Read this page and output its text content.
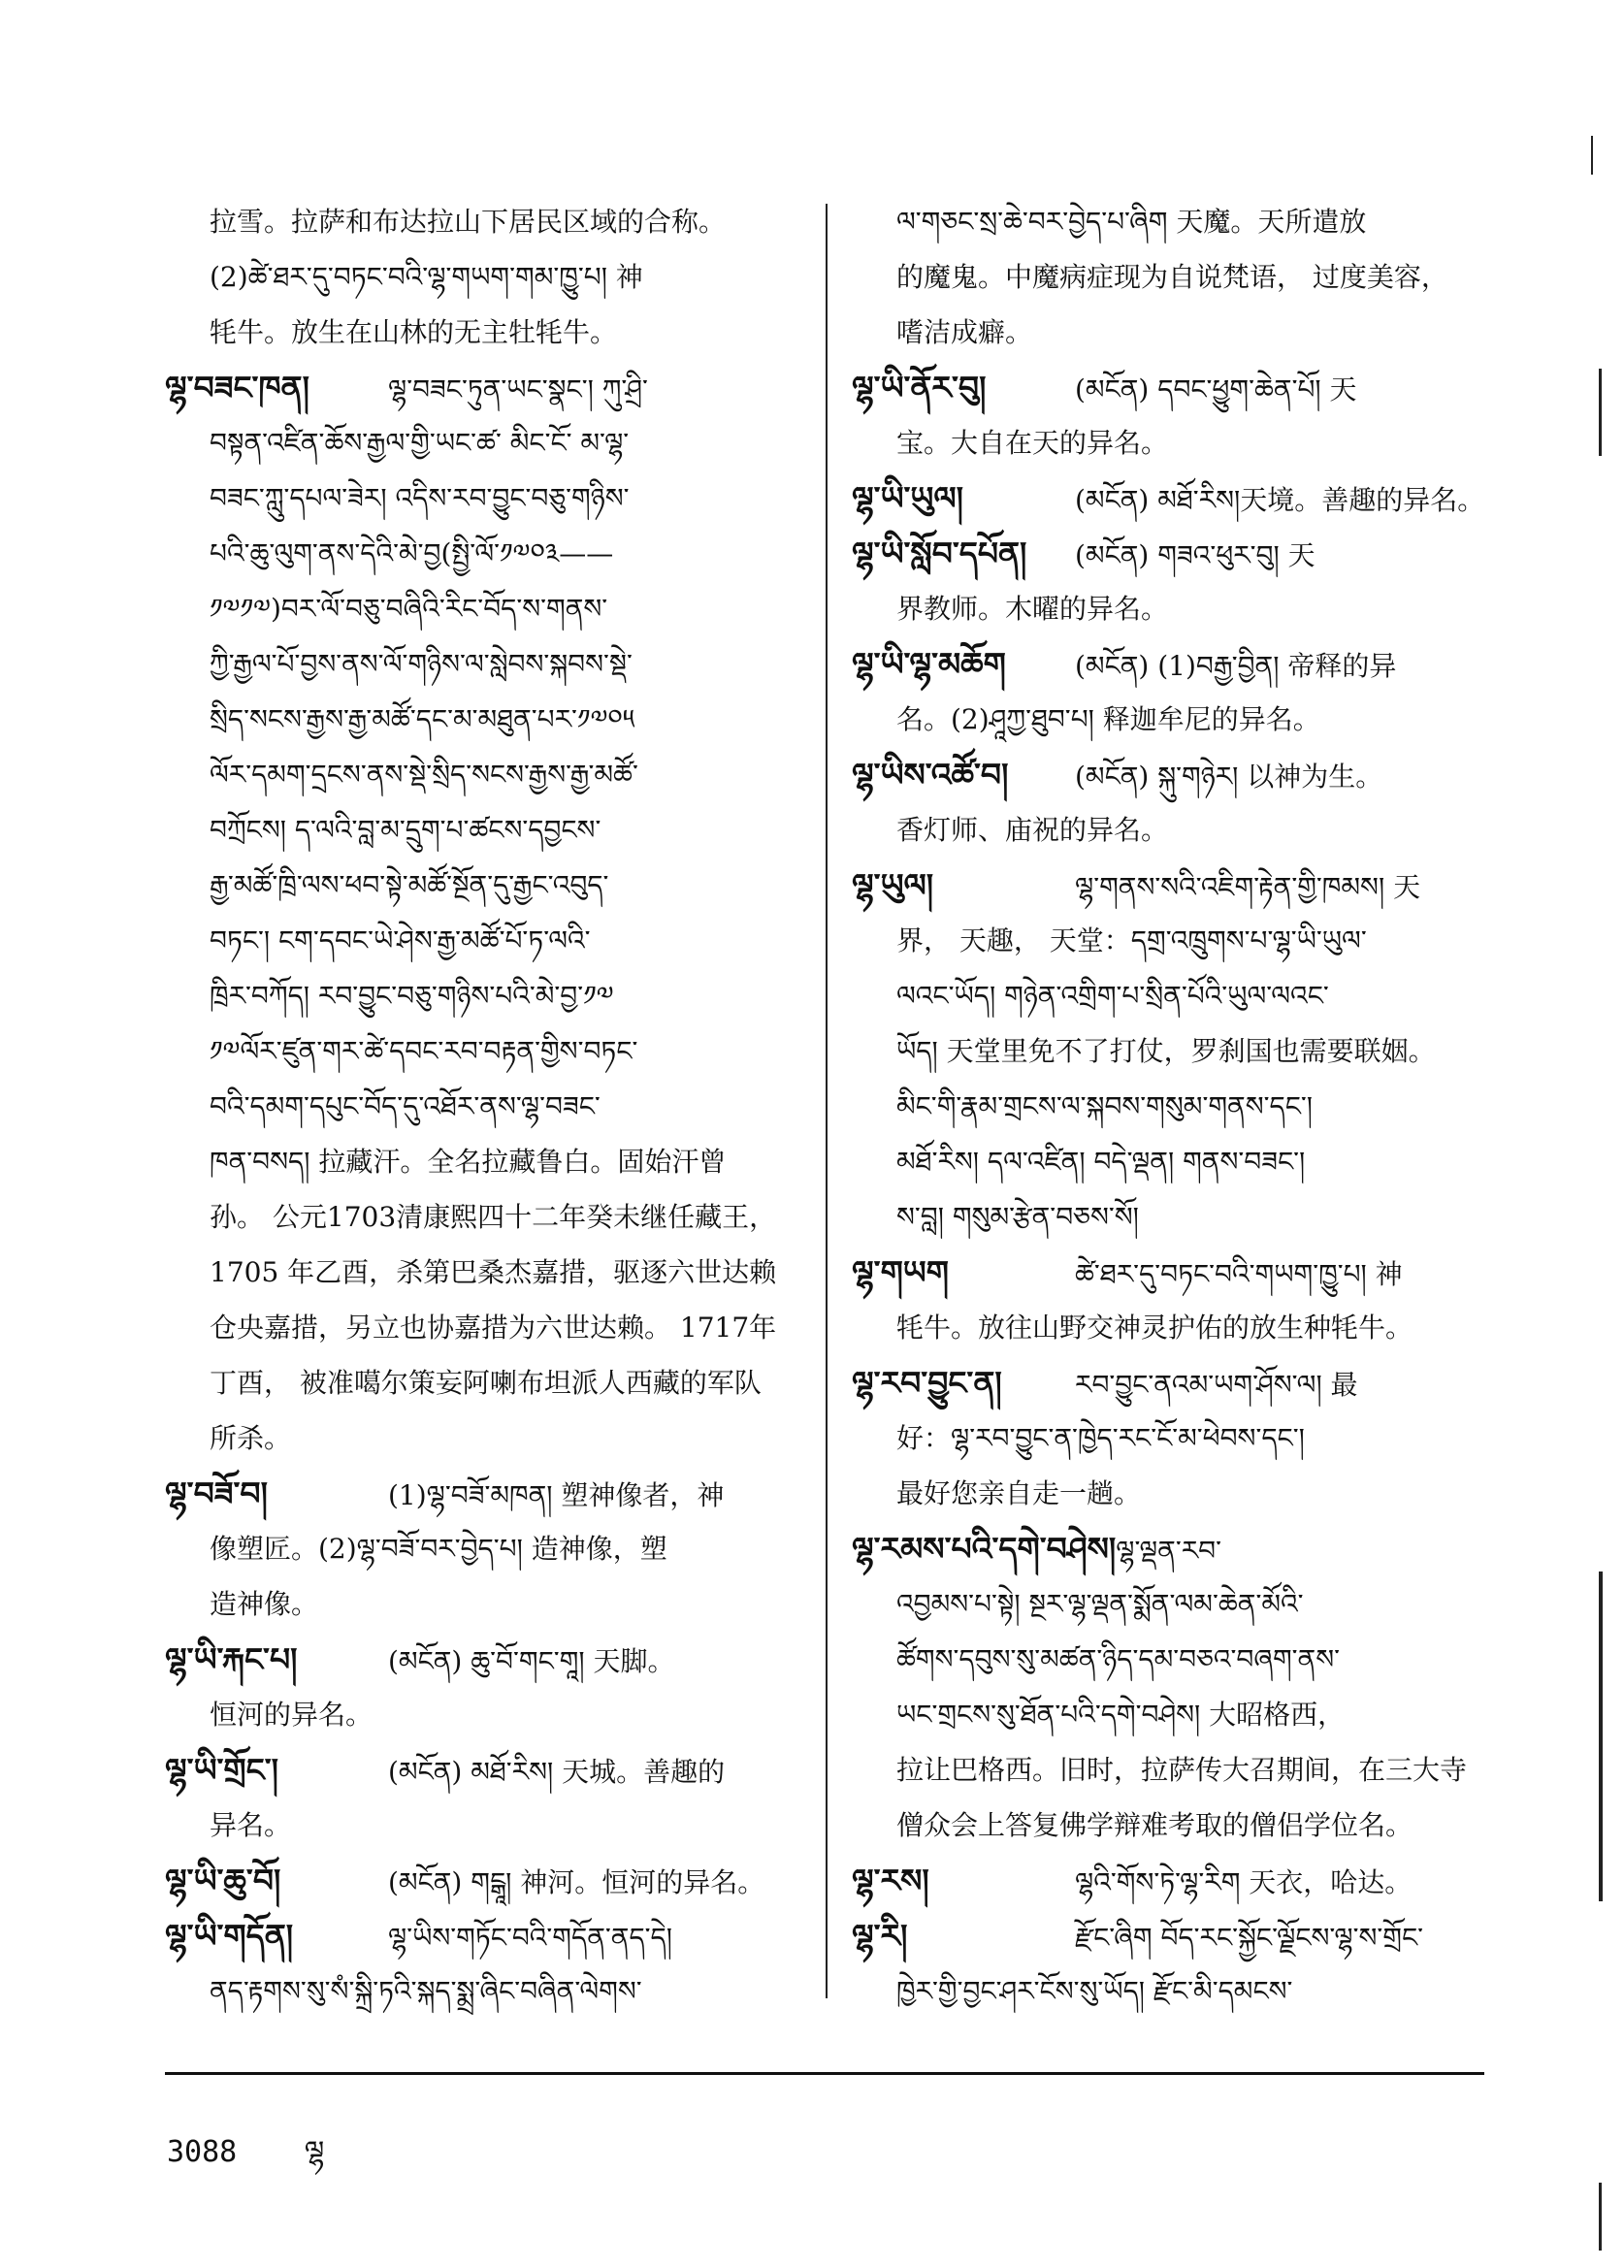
拉雪。拉萨和布达拉山下居民区域的合称。
(2)ཚེ་ཐར་དུ་བཏང་བའི་ལྷ་གཡག་གམ་ཁྱུ་པ། 神
牦牛。放生在山林的无主牡牦牛。
ལྷ་བཟང་ཁན།	ལྷ་བཟང་ཏུན་ཡང་སྣང་། ཀུ་ཤྲི་
བསྟན་འཛིན་ཆོས་རྒྱལ་གྱི་ཡང་ཚ་ མིང་ངོ་ མ་ལྷ་
བཟང་ཀླུ་དཔལ་ཟེར། འདིས་རབ་བྱུང་བཅུ་གཉིས་
པའི་ཆུ་ལུག་ནས་དེའི་མེ་བྱ(སྤྱི་ལོ་༡༧༠༣——
༡༧༡༧)བར་ལོ་བཅུ་བཞིའི་རིང་བོད་ས་གནས་
ཀྱི་རྒྱལ་པོ་བྱས་ནས་ལོ་གཉིས་ལ་སླེབས་སྐབས་སྡེ་
སྲིད་སངས་རྒྱས་རྒྱ་མཚོ་དང་མ་མཐུན་པར་༡༧༠༥
ལོར་དམག་དྲངས་ནས་སྡེ་སྲིད་སངས་རྒྱས་རྒྱ་མཚོ་
བཀྲོངས། ད་ལའི་བླ་མ་དྲུག་པ་ཚངས་དབྱངས་
རྒྱ་མཚོ་ཁྲི་ལས་ཕབ་སྟེ་མཚོ་སྔོན་དུ་རྒྱང་འབུད་
བཏང་། ངག་དབང་ཡེ་ཤེས་རྒྱ་མཚོ་པོ་ཏ་ལའི་
ཁྲིར་བཀོད། རབ་བྱུང་བཅུ་གཉིས་པའི་མེ་བྱ་༡༧
༡༧ལོར་ཛུན་གར་ཚེ་དབང་རབ་བརྟན་གྱིས་བཏང་
བའི་དམག་དཔུང་བོད་དུ་འཐོར་ནས་ལྷ་བཟང་
ཁན་བསད། 拉藏汗。全名拉藏鲁白。固始汗曾
孙。 公元1703清康熙四十二年癸未继任藏王，
1705 年乙酉，杀第巴桑杰嘉措，驱逐六世达赖
仓央嘉措，另立也协嘉措为六世达赖。 1717年
丁酉， 被准噶尔策妄阿喇布坦派人西藏的军队
所杀。
ལྷ་བཟོ་བ།	(1)ལྷ་བཟོ་མཁན། 塑神像者，神
像塑匠。(2)ལྷ་བཟོ་བར་བྱེད་པ། 造神像，塑
造神像。
ལྷ་ཡི་རྐང་པ།	(མངོན) ཆུ་བོ་གང་གཱ། 天脚。
恒河的异名。
ལྷ་ཡི་གྲོང་།	(མངོན) མཐོ་རིས། 天城。善趣的
异名。
ལྷ་ཡི་ཆུ་བོ།	(མངོན) གངྒཱ། 神河。恒河的异名。
ལྷ་ཡི་གདོན།	ལྷ་ཡིས་གཏོང་བའི་གདོན་ནད་དེ།
ནད་རྟགས་སུ་སཾ་སྐྲི་ཏའི་སྐད་སྨྲ་ཞིང་བཞིན་ལེགས་
ལ་གཅང་སྲ་ཆེ་བར་བྱེད་པ་ཞིག 天魔。天所遣放
的魔鬼。中魔病症现为自说梵语， 过度美容，
嗜洁成癖。
ལྷ་ཡི་ནོར་བུ།	(མངོན) དབང་ཕྱུག་ཆེན་པོ། 天
宝。大自在天的异名。
ལྷ་ཡི་ཡུལ།	(མངོན) མཐོ་རིས།天境。善趣的异名。
ལྷ་ཡི་སློབ་དཔོན། (མངོན) གཟའ་ཕུར་བུ། 天
界教师。木曜的异名。
ལྷ་ཡི་ལྷ་མཆོག	(མངོན) (1)བརྒྱ་བྱིན། 帝释的异
名。(2)ཤཱཀྱ་ཐུབ་པ། 释迦牟尼的异名。
ལྷ་ཡིས་འཚོ་བ། (མངོན) སྐུ་གཉེར། 以神为生。
香灯师、庙祝的异名。
ལྷ་ཡུལ།	ལྷ་གནས་སའི་འཇིག་རྟེན་གྱི་ཁམས། 天
界， 天趣， 天堂：དགྲ་འཁྲུགས་པ་ལྷ་ཡི་ཡུལ་
ལའང་ཡོད། གཉེན་འགྲིག་པ་སྲིན་པོའི་ཡུལ་ལའང་
ཡོད། 天堂里免不了打仗，罗刹国也需要联姻。
མིང་གི་རྣམ་གྲངས་ལ་སྐབས་གསུམ་གནས་དང་།
མཐོ་རིས། དལ་འཛིན། བདེ་ལྡན། གནས་བཟང་།
ས་བླ། གསུམ་རྩེན་བཅས་སོ།
ལྷ་གཡག	ཚེ་ཐར་དུ་བཏང་བའི་གཡག་ཁྱུ་པ། 神
牦牛。放往山野交神灵护佑的放生种牦牛。
ལྷ་རབ་བྱུང་ན།	རབ་བྱུང་ནའམ་ཡག་ཤོས་ལ། 最
好：ལྷ་རབ་བྱུང་ན་ཁྱེད་རང་ངོ་མ་ཕེབས་དང་།
最好您亲自走一趟。
ལྷ་རམས་པའི་དགེ་བཤེས།ལྷ་ལྡན་རབ་
འབྱམས་པ་སྟེ། སྔར་ལྷ་ལྡན་སྨོན་ལམ་ཆེན་མོའི་
ཚོགས་དབུས་སུ་མཚན་ཉིད་དམ་བཅའ་བཞག་ནས་
ཡང་གྲངས་སུ་ཐོན་པའི་དགེ་བཤེས། 大昭格西，
拉让巴格西。旧时，拉萨传大召期间，在三大寺
僧众会上答复佛学辩难考取的僧侣学位名。
ལྷ་རས།	ལྷའི་གོས་ཏེ་ལྷ་རིག 天衣，哈达。
ལྷ་རི།	རྫོང་ཞིག བོད་རང་སྐྱོང་ལྗོངས་ལྷ་ས་གྲོང་
ཁྱེར་གྱི་བྱང་ཤར་ངོས་སུ་ཡོད། རྫོང་མི་དམངས་
3088 ལྷ
